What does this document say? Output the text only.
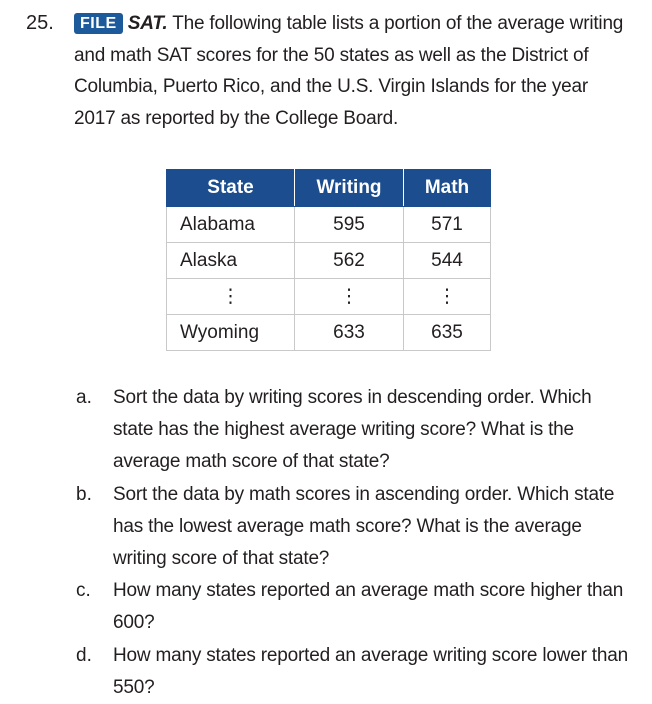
25.	FILE SAT. The following table lists a portion of the average writing and math SAT scores for the 50 states as well as the District of Columbia, Puerto Rico, and the U.S. Virgin Islands for the year 2017 as reported by the College Board.
State	Writing	Math
Alabama	595	571
Alaska	562	544
⋮	⋮	⋮
Wyoming	633	635
a. Sort the data by writing scores in descending order. Which state has the highest average writing score? What is the average math score of that state?
b. Sort the data by math scores in ascending order. Which state has the lowest average math score? What is the average writing score of that state?
c. How many states reported an average math score higher than 600?
d. How many states reported an average writing score lower than 550?
